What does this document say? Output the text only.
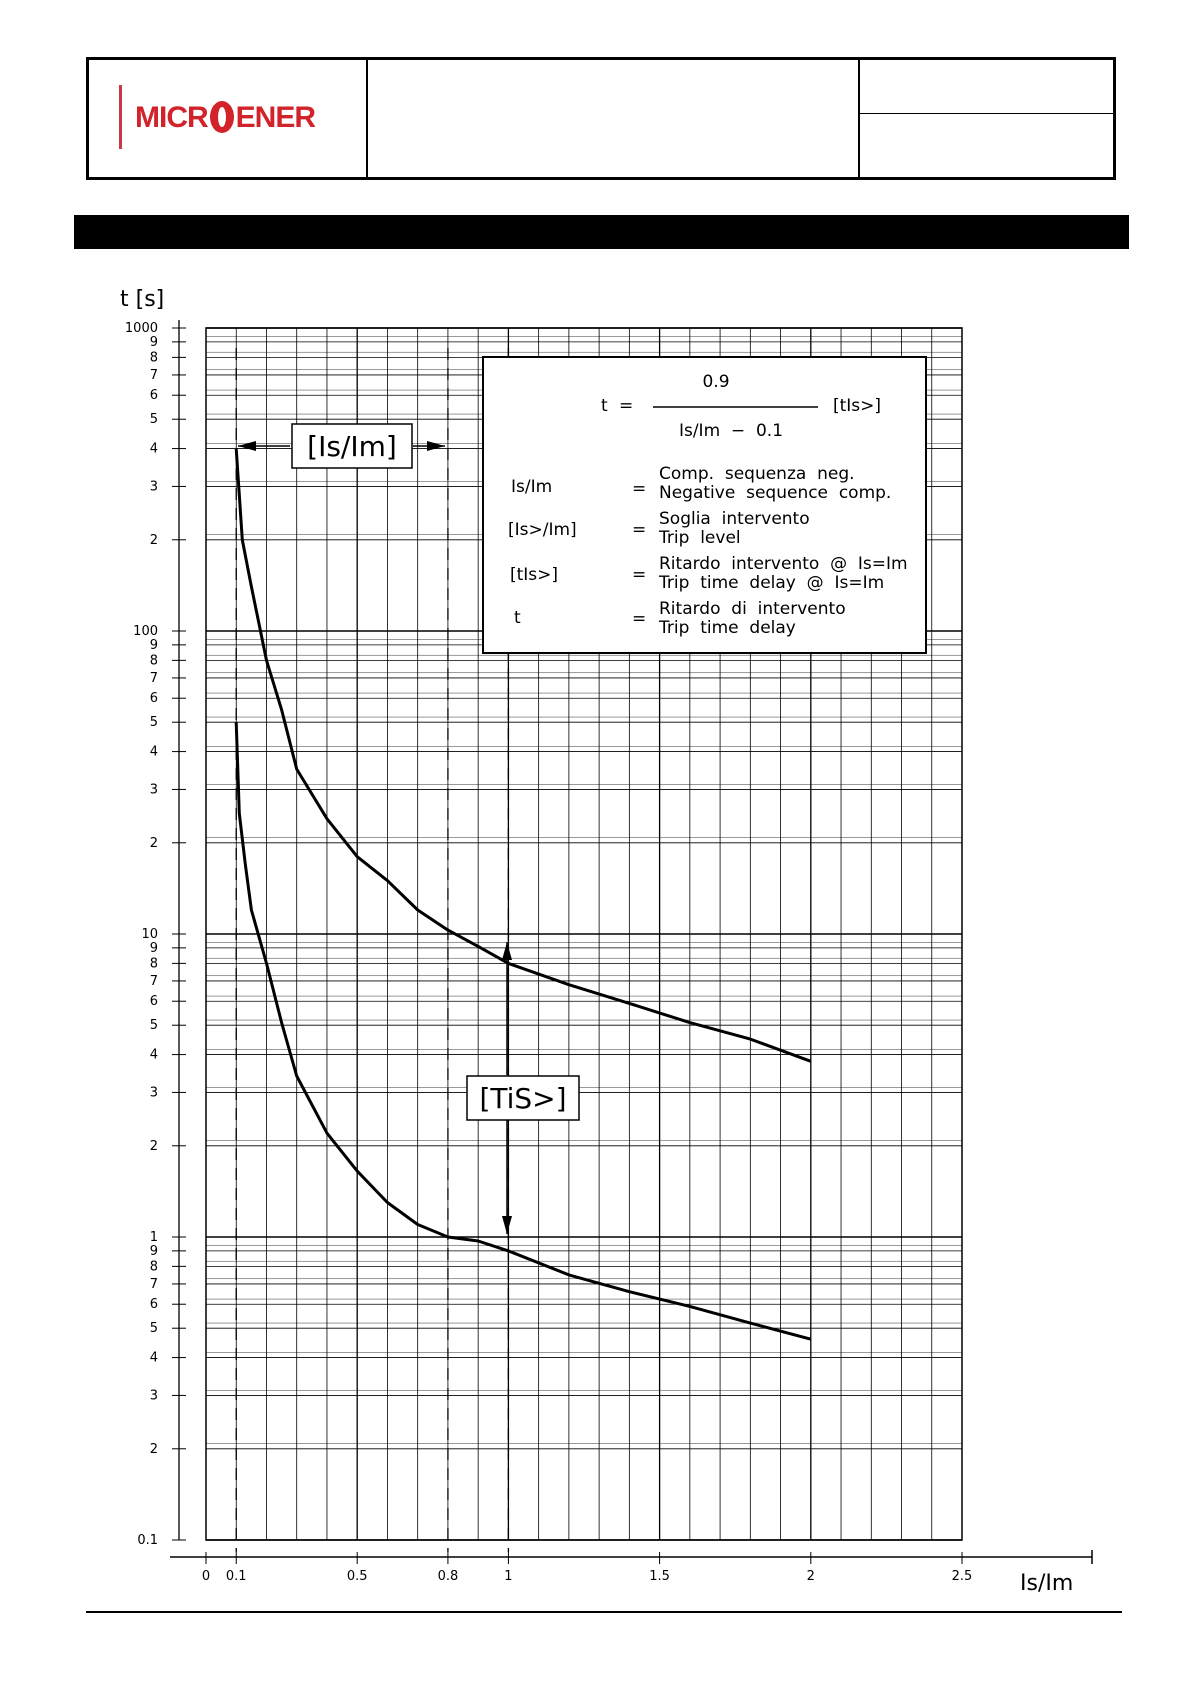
MICR ENER
0.1
2
3
4
5
6
7
8
9
1
2
3
4
5
6
7
8
9
10
2
3
4
5
6
7
8
9
100
2
3
4
5
6
7
8
9
1000
0 0.1	0.5	0.8	1	1.5	2	2.5
t [s]
Is/Im
t =
0.9
Is/Im  −  0.1
[tIs>]
Is/Im	=
Comp.  sequenza  neg.
Negative  sequence  comp.
[Is>/Im]	=
Soglia  intervento
Trip  level
[tIs>]	=
Ritardo  intervento  @  Is=Im
Trip  time  delay  @  Is=Im
t	= Ritardo  di  intervento
Trip  time  delay
[Is/Im]
[TiS>]
